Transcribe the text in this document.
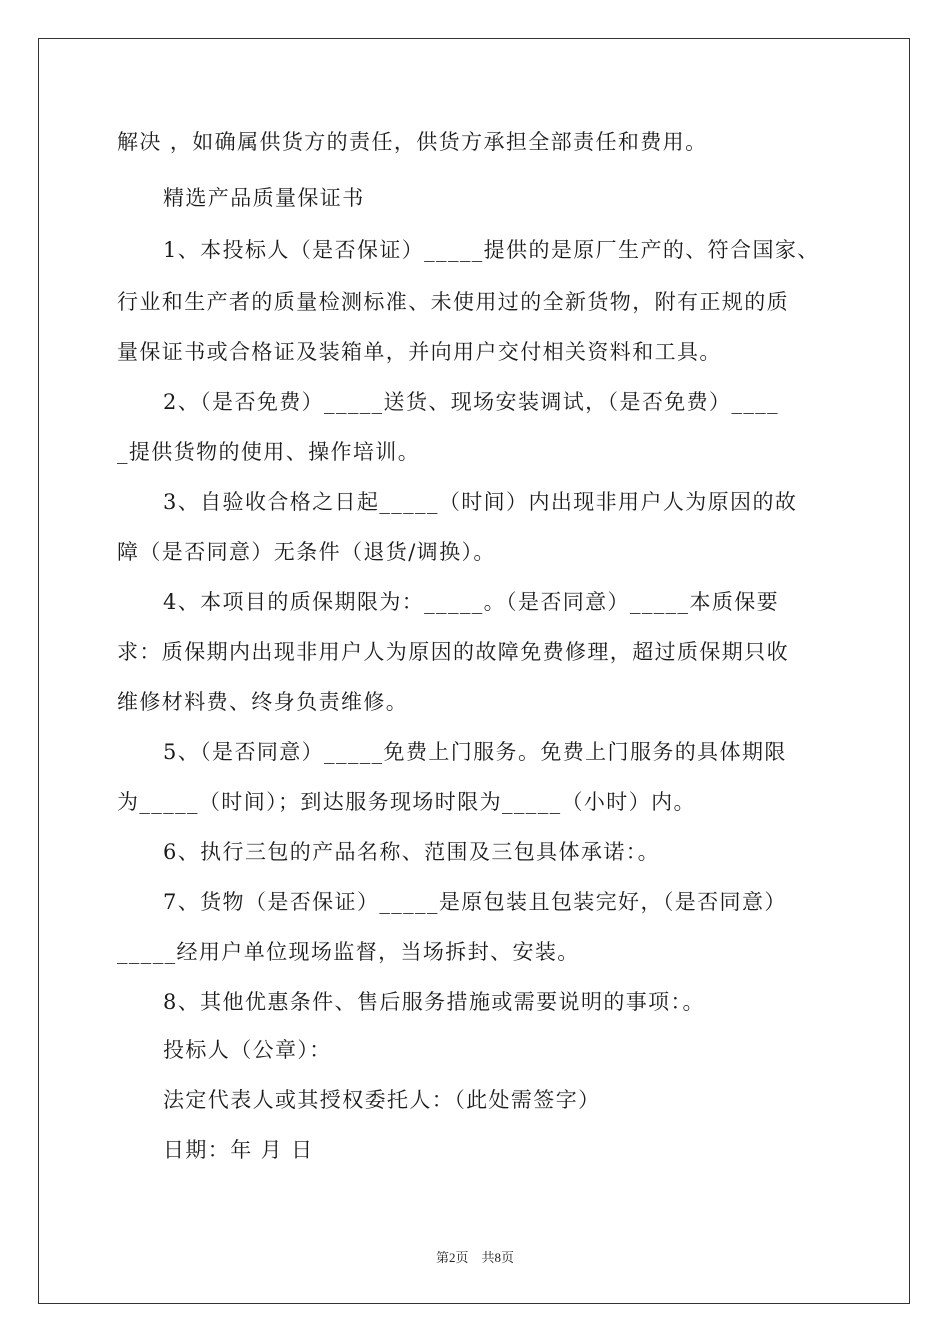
解决 ，如确属供货方的责任，供货方承担全部责任和费用。
精选产品质量保证书
1、本投标人（是否保证）_____提供的是原厂生产的、符合国家、
行业和生产者的质量检测标准、未使用过的全新货物，附有正规的质
量保证书或合格证及装箱单，并向用户交付相关资料和工具。
2、（是否免费）_____送货、现场安装调试，（是否免费）____
_提供货物的使用、操作培训。
3、自验收合格之日起_____（时间）内出现非用户人为原因的故
障（是否同意）无条件（退货/调换）。
4、本项目的质保期限为：_____。（是否同意）_____本质保要
求：质保期内出现非用户人为原因的故障免费修理，超过质保期只收
维修材料费、终身负责维修。
5、（是否同意）_____免费上门服务。免费上门服务的具体期限
为_____（时间）；到达服务现场时限为_____（小时）内。
6、执行三包的产品名称、范围及三包具体承诺：。
7、货物（是否保证）_____是原包装且包装完好，（是否同意）
_____经用户单位现场监督，当场拆封、安装。
8、其他优惠条件、售后服务措施或需要说明的事项：。
投标人（公章）：
法定代表人或其授权委托人：（此处需签字）
日期：年 月 日
第2页　共8页
